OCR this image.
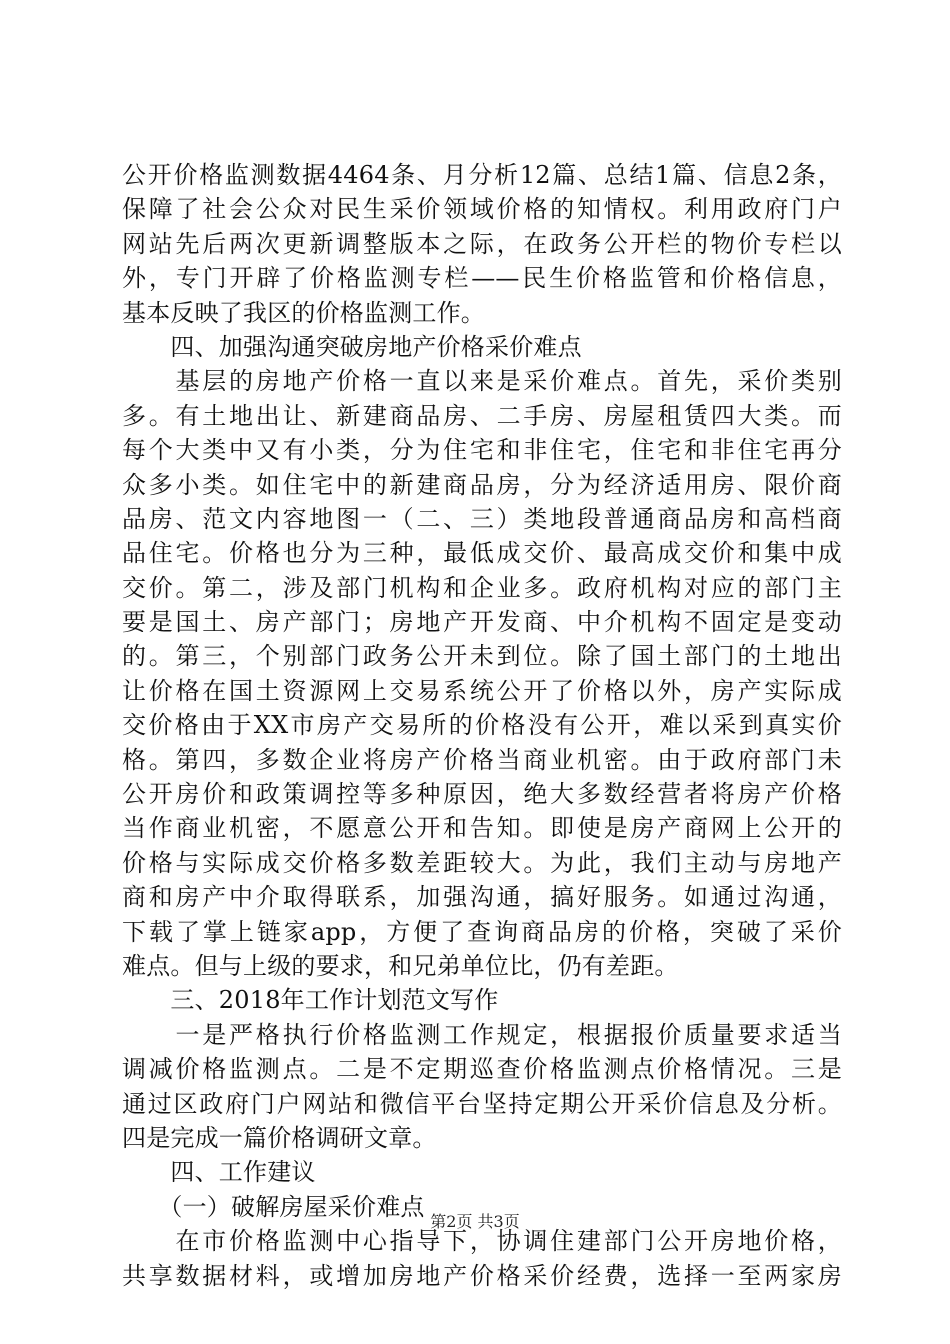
公开价格监测数据4464条、月分析12篇、总结1篇、信息2条，
保障了社会公众对民生采价领域价格的知情权。利用政府门户
网站先后两次更新调整版本之际，在政务公开栏的物价专栏以
外，专门开辟了价格监测专栏——民生价格监管和价格信息，
基本反映了我区的价格监测工作。
　　四、加强沟通突破房地产价格采价难点
　　基层的房地产价格一直以来是采价难点。首先，采价类别
多。有土地出让、新建商品房、二手房、房屋租赁四大类。而
每个大类中又有小类，分为住宅和非住宅，住宅和非住宅再分
众多小类。如住宅中的新建商品房，分为经济适用房、限价商
品房、范文内容地图一（二、三）类地段普通商品房和高档商
品住宅。价格也分为三种，最低成交价、最高成交价和集中成
交价。第二，涉及部门机构和企业多。政府机构对应的部门主
要是国土、房产部门；房地产开发商、中介机构不固定是变动
的。第三，个别部门政务公开未到位。除了国土部门的土地出
让价格在国土资源网上交易系统公开了价格以外，房产实际成
交价格由于XX市房产交易所的价格没有公开，难以采到真实价
格。第四，多数企业将房产价格当商业机密。由于政府部门未
公开房价和政策调控等多种原因，绝大多数经营者将房产价格
当作商业机密，不愿意公开和告知。即使是房产商网上公开的
价格与实际成交价格多数差距较大。为此，我们主动与房地产
商和房产中介取得联系，加强沟通，搞好服务。如通过沟通，
下载了掌上链家app，方便了查询商品房的价格，突破了采价
难点。但与上级的要求，和兄弟单位比，仍有差距。
　　三、2018年工作计划范文写作
　　一是严格执行价格监测工作规定，根据报价质量要求适当
调减价格监测点。二是不定期巡查价格监测点价格情况。三是
通过区政府门户网站和微信平台坚持定期公开采价信息及分析。
四是完成一篇价格调研文章。
　　四、工作建议
　　（一）破解房屋采价难点
　　在市价格监测中心指导下，协调住建部门公开房地价格，
共享数据材料，或增加房地产价格采价经费，选择一至两家房
第2页 共3页
